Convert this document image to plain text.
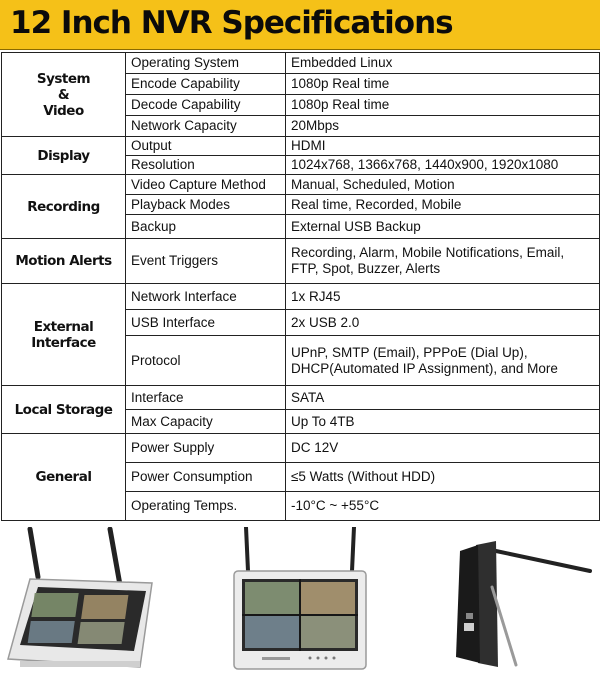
12 Inch NVR Specifications
System
&
Video	Operating System	Embedded Linux
	Encode Capability	1080p Real time
	Decode Capability	1080p Real time
	Network Capacity	20Mbps

Display	Output	HDMI
	Resolution	1024x768, 1366x768, 1440x900, 1920x1080

Recording	Video Capture Method	Manual, Scheduled, Motion
	Playback Modes	Real time, Recorded, Mobile
	Backup	External USB Backup

Motion Alerts	Event Triggers	Recording, Alarm, Mobile Notifications, Email,
FTP, Spot, Buzzer, Alerts

External
Interface	Network Interface	1x RJ45
	USB Interface	2x USB 2.0
	Protocol	UPnP, SMTP (Email), PPPoE (Dial Up),
DHCP(Automated IP Assignment), and More

Local Storage	Interface	SATA
	Max Capacity	Up To 4TB

General	Power Supply	DC 12V
	Power Consumption	≤5 Watts (Without HDD)
	Operating Temps.	-10°C ~ +55°C
